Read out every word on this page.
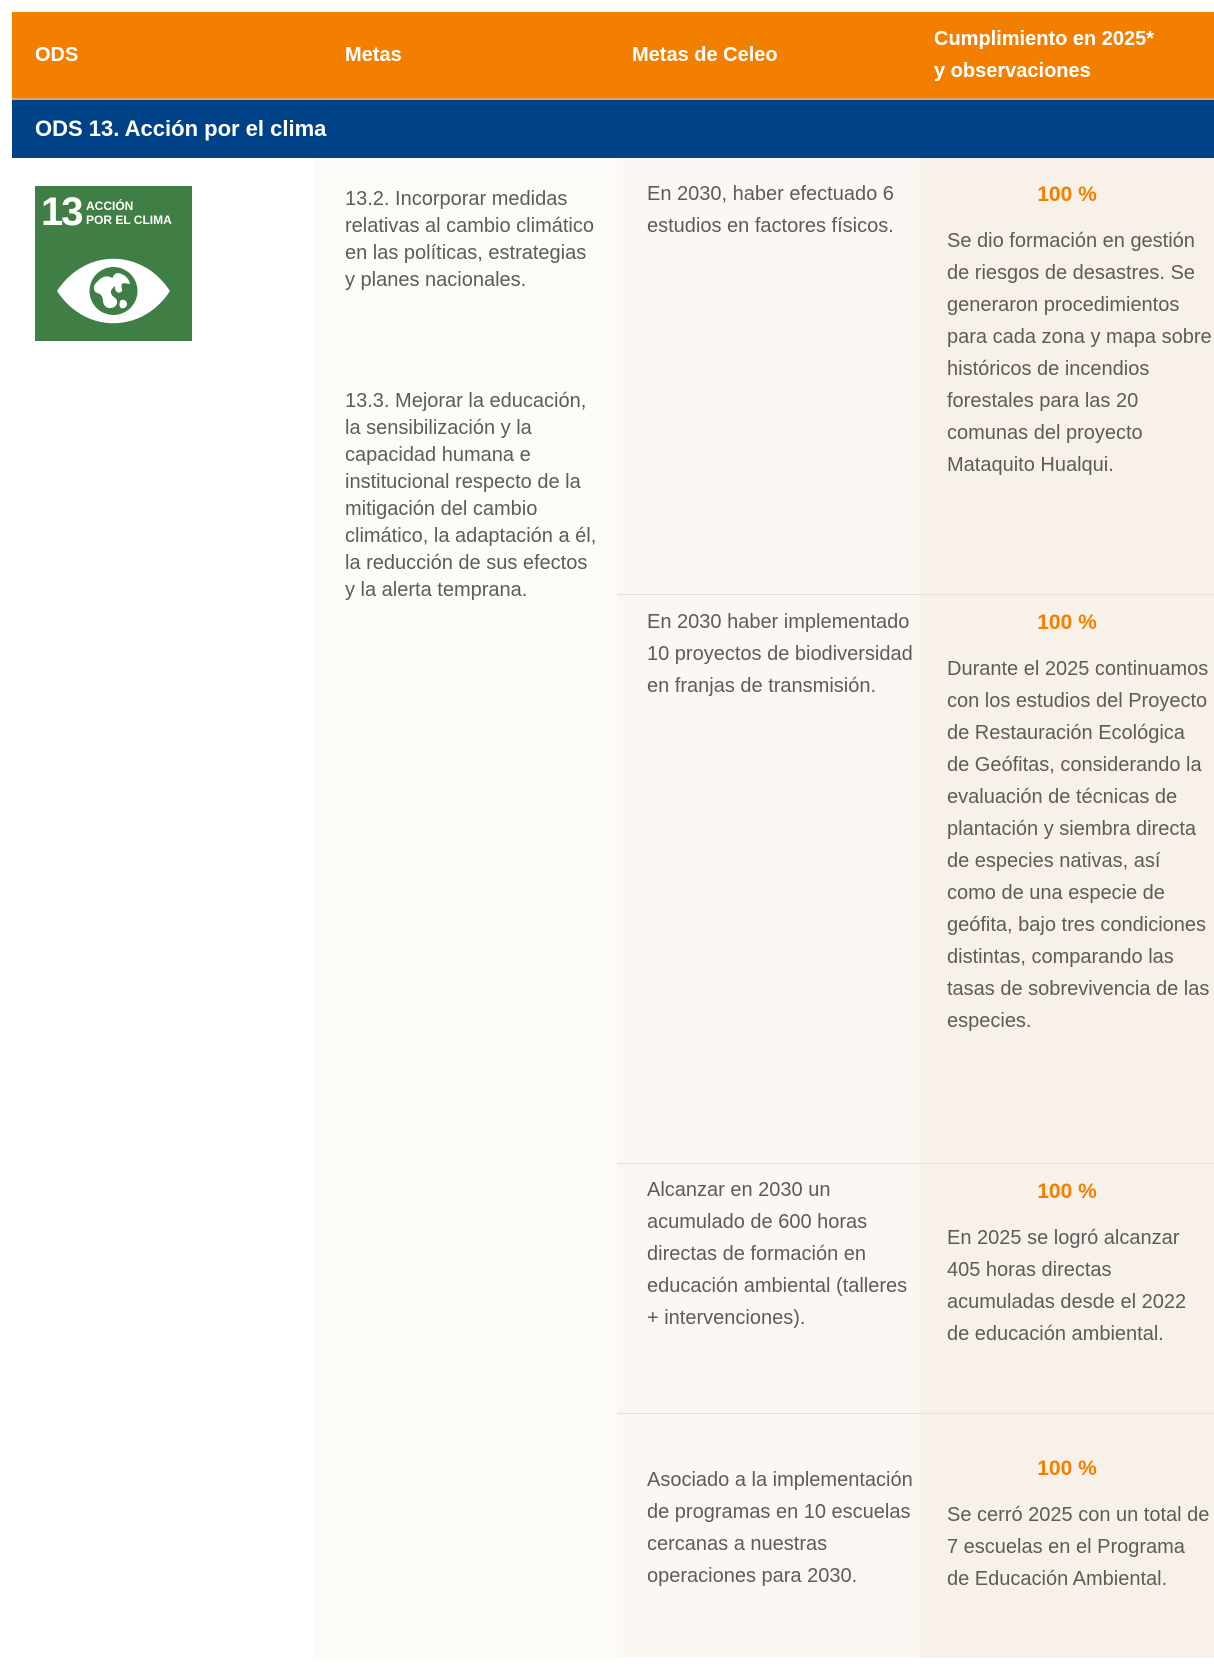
ODS	Metas	Metas de Celeo
Cumplimiento en 2025*
y observaciones
ODS 13. Acción por el clima
13 ACCIÓN
POR EL CLIMA
13.2. Incorporar medidas relativas al cambio climático en las políticas, estrategias y planes nacionales.
13.3. Mejorar la educación, la sensibilización y la capacidad humana e institucional respecto de la mitigación del cambio climático, la adaptación a él, la reducción de sus efectos y la alerta temprana.
En 2030, haber efectuado 6 estudios en factores físicos.
100 %
Se dio formación en gestión de riesgos de desastres. Se generaron procedimientos para cada zona y mapa sobre históricos de incendios forestales para las 20 comunas del proyecto Mataquito Hualqui.
En 2030 haber implementado 10 proyectos de biodiversidad en franjas de transmisión.
100 %
Durante el 2025 continuamos con los estudios del Proyecto de Restauración Ecológica de Geófitas, considerando la evaluación de técnicas de plantación y siembra directa de especies nativas, así como de una especie de geófita, bajo tres condiciones distintas, comparando las tasas de sobrevivencia de las especies.
Alcanzar en 2030 un acumulado de 600 horas directas de formación en educación ambiental (talleres + intervenciones).
100 %
En 2025 se logró alcanzar 405 horas directas acumuladas desde el 2022 de educación ambiental.
Asociado a la implementación de programas en 10 escuelas cercanas a nuestras operaciones para 2030.
100 %
Se cerró 2025 con un total de 7 escuelas en el Programa de Educación Ambiental.
